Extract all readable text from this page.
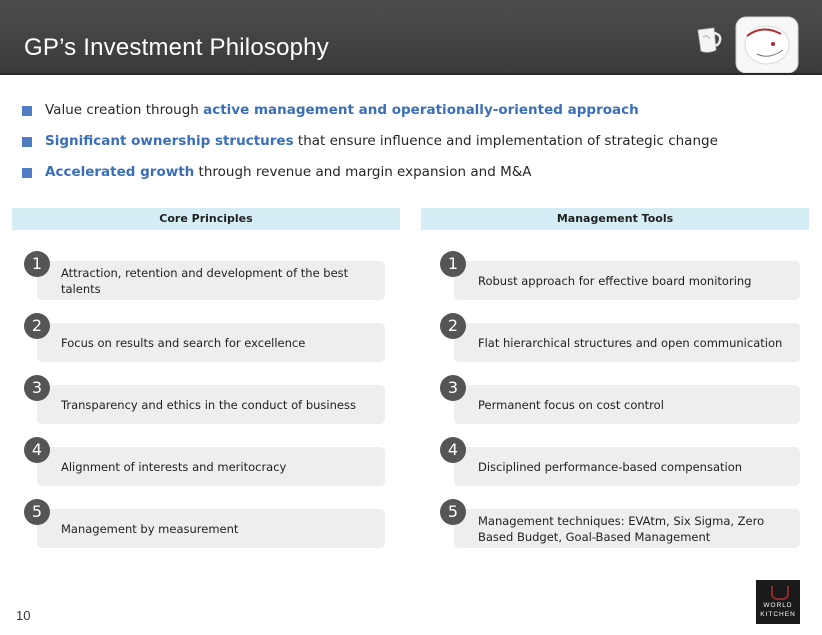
GP’s Investment Philosophy
Value creation through active management and operationally-oriented approach
Significant ownership structures that ensure influence and implementation of strategic change
Accelerated growth through revenue and margin expansion and M&A
Core Principles
Attraction, retention and development of the best talents
1
Focus on results and search for excellence
2
Transparency and ethics in the conduct of business
3
Alignment of interests and meritocracy
4
Management by measurement
5
Management Tools
Robust approach for effective board monitoring
1
Flat hierarchical structures and open communication
2
Permanent focus on cost control
3
Disciplined performance-based compensation
4
Management techniques: EVAtm, Six Sigma, Zero Based Budget, Goal-Based Management
5
10
WORLD
KITCHEN
